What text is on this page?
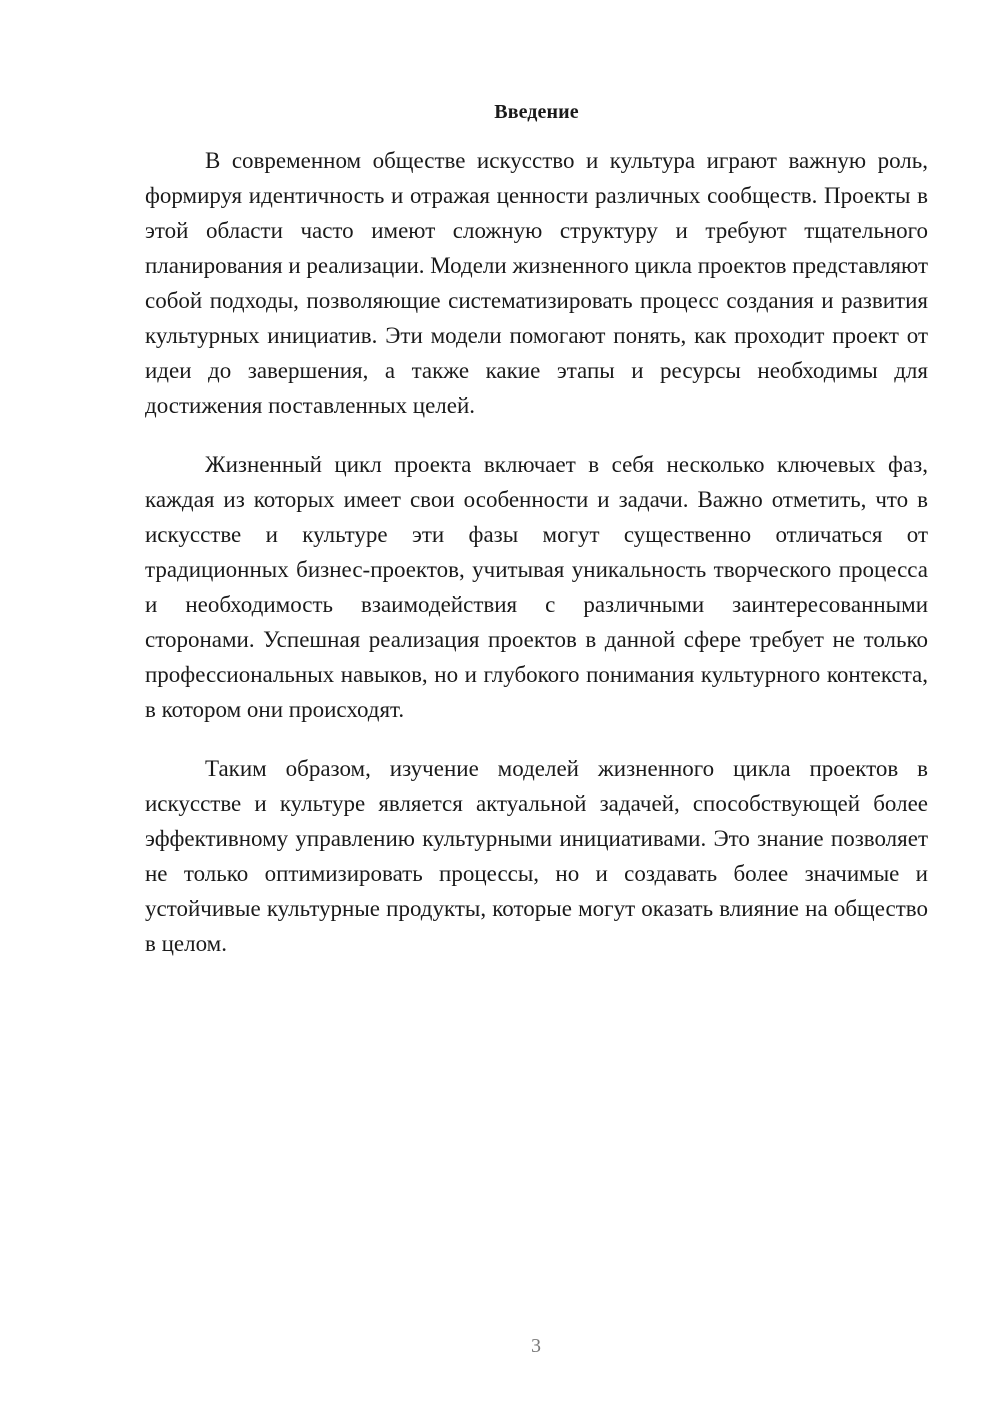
Введение

В современном обществе искусство и культура играют важную роль, формируя идентичность и отражая ценности различных сообществ. Проекты в этой области часто имеют сложную структуру и требуют тщательного планирования и реализации. Модели жизненного цикла проектов представляют собой подходы, позволяющие систематизировать процесс создания и развития культурных инициатив. Эти модели помогают понять, как проходит проект от идеи до завершения, а также какие этапы и ресурсы необходимы для достижения поставленных целей.

Жизненный цикл проекта включает в себя несколько ключевых фаз, каждая из которых имеет свои особенности и задачи. Важно отметить, что в искусстве и культуре эти фазы могут существенно отличаться от традиционных бизнес-проектов, учитывая уникальность творческого процесса и необходимость взаимодействия с различными заинтересованными сторонами. Успешная реализация проектов в данной сфере требует не только профессиональных навыков, но и глубокого понимания культурного контекста, в котором они происходят.

Таким образом, изучение моделей жизненного цикла проектов в искусстве и культуре является актуальной задачей, способствующей более эффективному управлению культурными инициативами. Это знание позволяет не только оптимизировать процессы, но и создавать более значимые и устойчивые культурные продукты, которые могут оказать влияние на общество в целом.

3
